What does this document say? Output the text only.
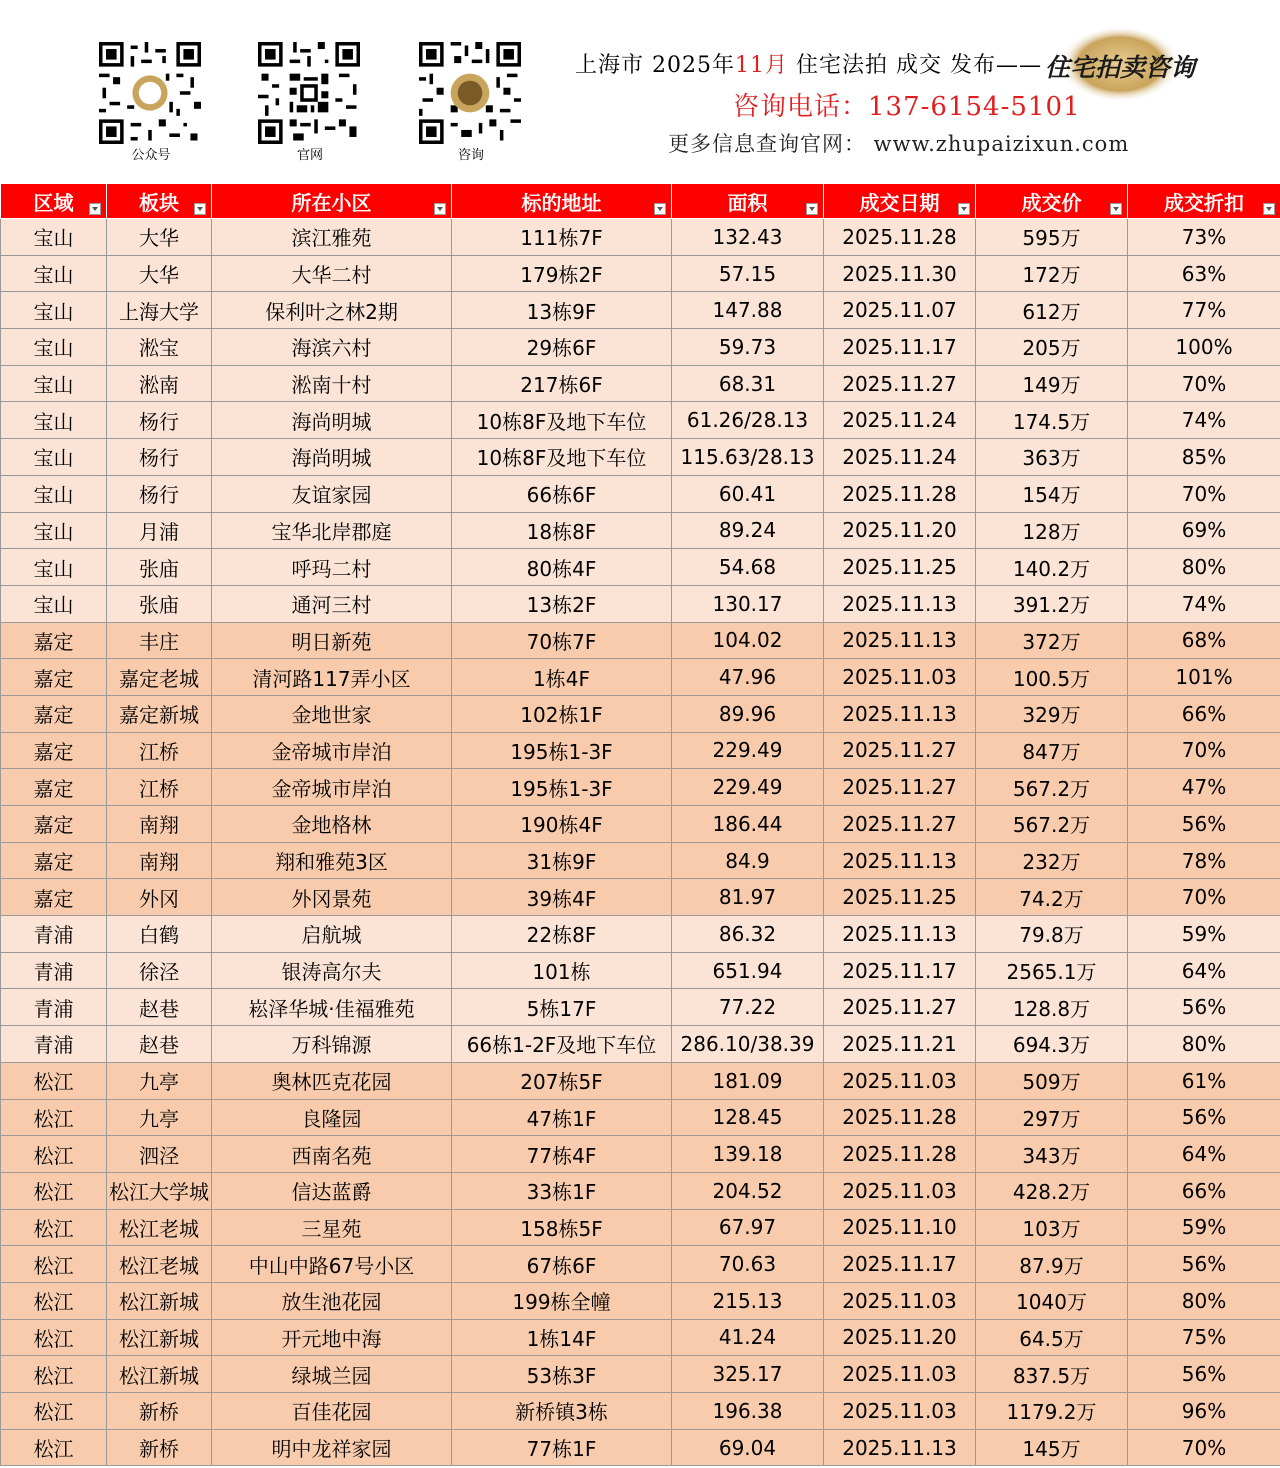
公众号	官网	咨询
上海市 2025年11月 住宅法拍 成交 发布—— 住宅拍卖咨询
咨询电话：137-6154-5101
更多信息查询官网： www.zhupaizixun.com
区域	板块	所在小区	标的地址	面积	成交日期	成交价	成交折扣

宝山	大华	滨江雅苑	111栋7F	132.43	2025.11.28	595万	73%
宝山	大华	大华二村	179栋2F	57.15	2025.11.30	172万	63%
宝山	上海大学	保利叶之林2期	13栋9F	147.88	2025.11.07	612万	77%
宝山	淞宝	海滨六村	29栋6F	59.73	2025.11.17	205万	100%
宝山	淞南	淞南十村	217栋6F	68.31	2025.11.27	149万	70%
宝山	杨行	海尚明城	10栋8F及地下车位	61.26/28.13	2025.11.24	174.5万	74%
宝山	杨行	海尚明城	10栋8F及地下车位	115.63/28.13	2025.11.24	363万	85%
宝山	杨行	友谊家园	66栋6F	60.41	2025.11.28	154万	70%
宝山	月浦	宝华北岸郡庭	18栋8F	89.24	2025.11.20	128万	69%
宝山	张庙	呼玛二村	80栋4F	54.68	2025.11.25	140.2万	80%
宝山	张庙	通河三村	13栋2F	130.17	2025.11.13	391.2万	74%
嘉定	丰庄	明日新苑	70栋7F	104.02	2025.11.13	372万	68%
嘉定	嘉定老城	清河路117弄小区	1栋4F	47.96	2025.11.03	100.5万	101%
嘉定	嘉定新城	金地世家	102栋1F	89.96	2025.11.13	329万	66%
嘉定	江桥	金帝城市岸泊	195栋1-3F	229.49	2025.11.27	847万	70%
嘉定	江桥	金帝城市岸泊	195栋1-3F	229.49	2025.11.27	567.2万	47%
嘉定	南翔	金地格林	190栋4F	186.44	2025.11.27	567.2万	56%
嘉定	南翔	翔和雅苑3区	31栋9F	84.9	2025.11.13	232万	78%
嘉定	外冈	外冈景苑	39栋4F	81.97	2025.11.25	74.2万	70%
青浦	白鹤	启航城	22栋8F	86.32	2025.11.13	79.8万	59%
青浦	徐泾	银涛高尔夫	101栋	651.94	2025.11.17	2565.1万	64%
青浦	赵巷	崧泽华城·佳福雅苑	5栋17F	77.22	2025.11.27	128.8万	56%
青浦	赵巷	万科锦源	66栋1-2F及地下车位	286.10/38.39	2025.11.21	694.3万	80%
松江	九亭	奥林匹克花园	207栋5F	181.09	2025.11.03	509万	61%
松江	九亭	良隆园	47栋1F	128.45	2025.11.28	297万	56%
松江	泗泾	西南名苑	77栋4F	139.18	2025.11.28	343万	64%
松江	松江大学城	信达蓝爵	33栋1F	204.52	2025.11.03	428.2万	66%
松江	松江老城	三星苑	158栋5F	67.97	2025.11.10	103万	59%
松江	松江老城	中山中路67号小区	67栋6F	70.63	2025.11.17	87.9万	56%
松江	松江新城	放生池花园	199栋全幢	215.13	2025.11.03	1040万	80%
松江	松江新城	开元地中海	1栋14F	41.24	2025.11.20	64.5万	75%
松江	松江新城	绿城兰园	53栋3F	325.17	2025.11.03	837.5万	56%
松江	新桥	百佳花园	新桥镇3栋	196.38	2025.11.03	1179.2万	96%
松江	新桥	明中龙祥家园	77栋1F	69.04	2025.11.13	145万	70%
